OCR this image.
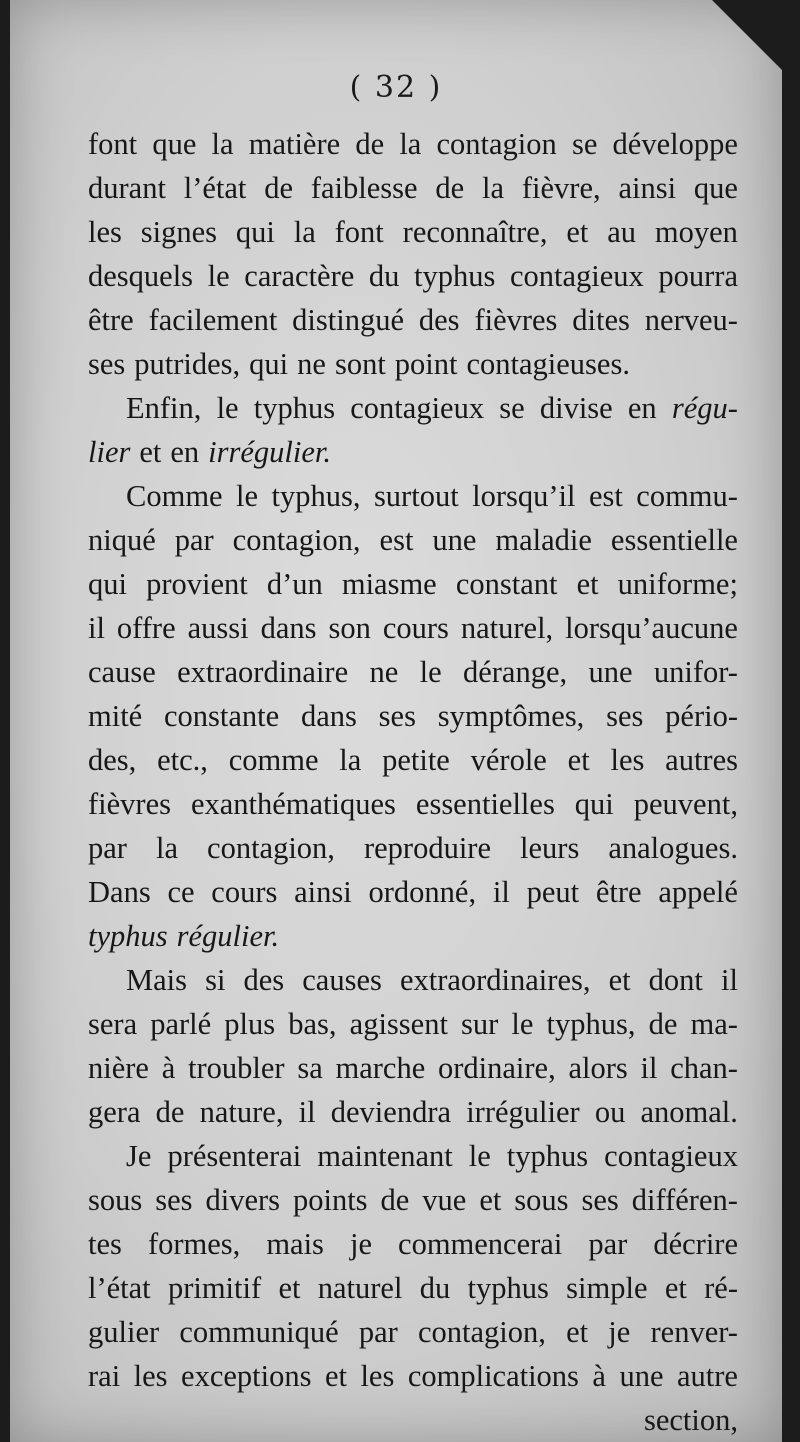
( 32 )
font que la matière de la contagion se développe
durant l’état de faiblesse de la fièvre, ainsi que
les signes qui la font reconnaître, et au moyen
desquels le caractère du typhus contagieux pourra
être facilement distingué des fièvres dites nerveu-
ses putrides, qui ne sont point contagieuses.
Enfin, le typhus contagieux se divise en régu-
lier et en irrégulier.
Comme le typhus, surtout lorsqu’il est commu-
niqué par contagion, est une maladie essentielle
qui provient d’un miasme constant et uniforme;
il offre aussi dans son cours naturel, lorsqu’aucune
cause extraordinaire ne le dérange, une unifor-
mité constante dans ses symptômes, ses pério-
des, etc., comme la petite vérole et les autres
fièvres exanthématiques essentielles qui peuvent,
par la contagion, reproduire leurs analogues.
Dans ce cours ainsi ordonné, il peut être appelé
typhus régulier.
Mais si des causes extraordinaires, et dont il
sera parlé plus bas, agissent sur le typhus, de ma-
nière à troubler sa marche ordinaire, alors il chan-
gera de nature, il deviendra irrégulier ou anomal.
Je présenterai maintenant le typhus contagieux
sous ses divers points de vue et sous ses différen-
tes formes, mais je commencerai par décrire
l’état primitif et naturel du typhus simple et ré-
gulier communiqué par contagion, et je renver-
rai les exceptions et les complications à une autre
section,
